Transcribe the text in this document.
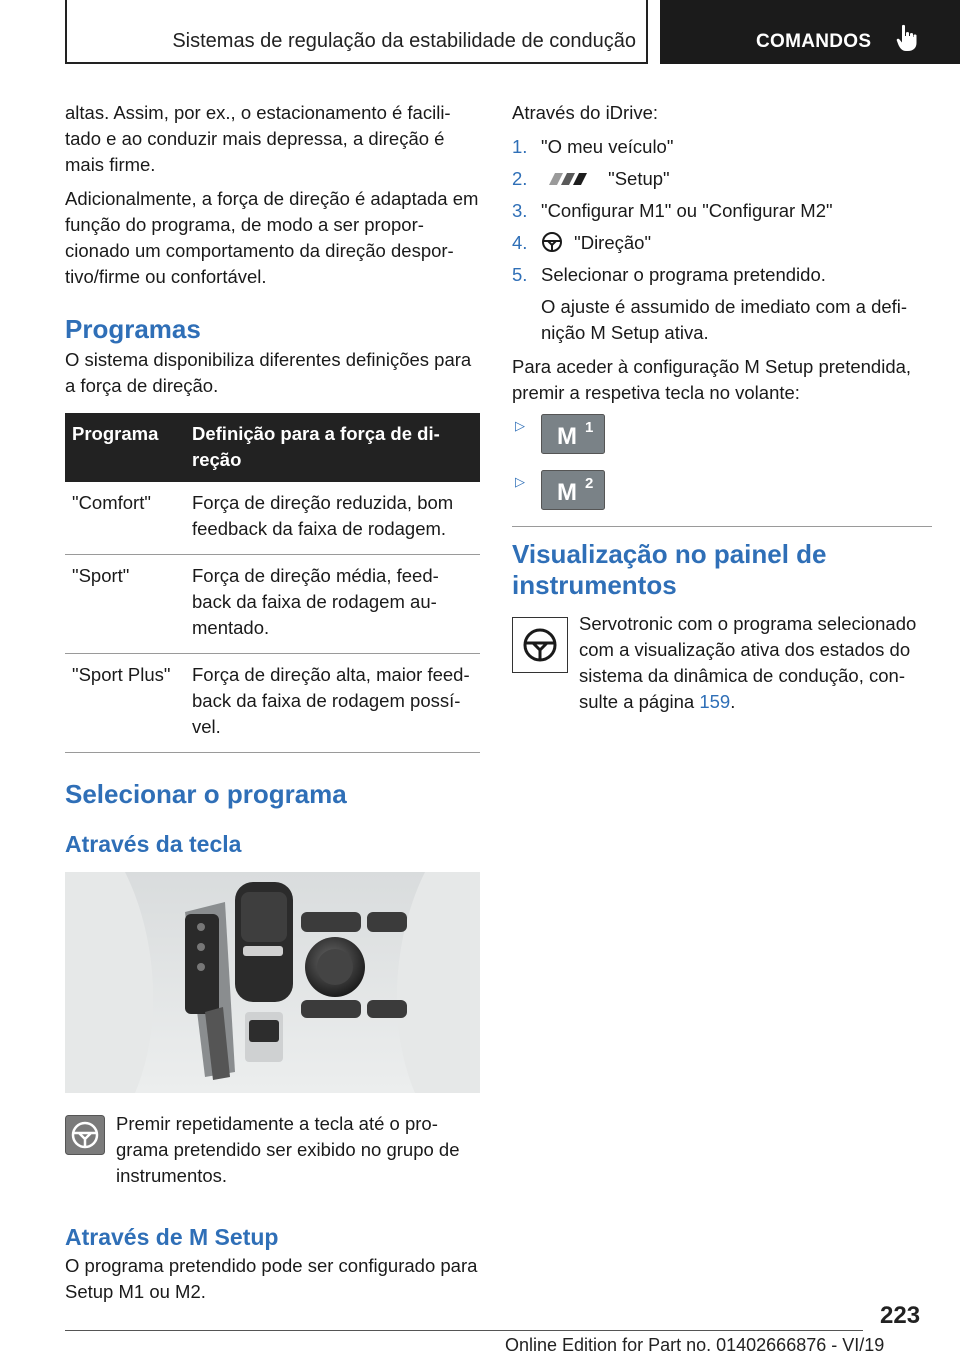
Sistemas de regulação da estabilidade de condução	COMANDOS

altas. Assim, por ex., o estacionamento é facili-tado e ao conduzir mais depressa, a direção é mais firme.

Adicionalmente, a força de direção é adaptada em função do programa, de modo a ser propor-cionado um comportamento da direção despor-tivo/firme ou confortável.

Programas

O sistema disponibiliza diferentes definições para a força de direção.

Programa	Definição para a força de di-reção
"Comfort"	Força de direção reduzida, bom feedback da faixa de rodagem.
"Sport"	Força de direção média, feed-back da faixa de rodagem au-mentado.
"Sport Plus"	Força de direção alta, maior feed-back da faixa de rodagem possí-vel.
Selecionar o programa
Através da tecla

Premir repetidamente a tecla até o pro-grama pretendido ser exibido no grupo de instrumentos.

Através de M Setup

O programa pretendido pode ser configurado para Setup M1 ou M2.

Através do iDrive:

1. "O meu veículo"
2.	"Setup"
3. "Configurar M1" ou "Configurar M2"
4.	"Direção"
5. Selecionar o programa pretendido.

O ajuste é assumido de imediato com a defi-nição M Setup ativa.

Para aceder à configuração M Setup pretendida, premir a respetiva tecla no volante:

▷ M 1
▷ M 2
Visualização no painel de instrumentos

Servotronic com o programa selecionado com a visualização ativa dos estados do sistema da dinâmica de condução, con-sulte a página 159.

223
Online Edition for Part no. 01402666876 - VI/19
